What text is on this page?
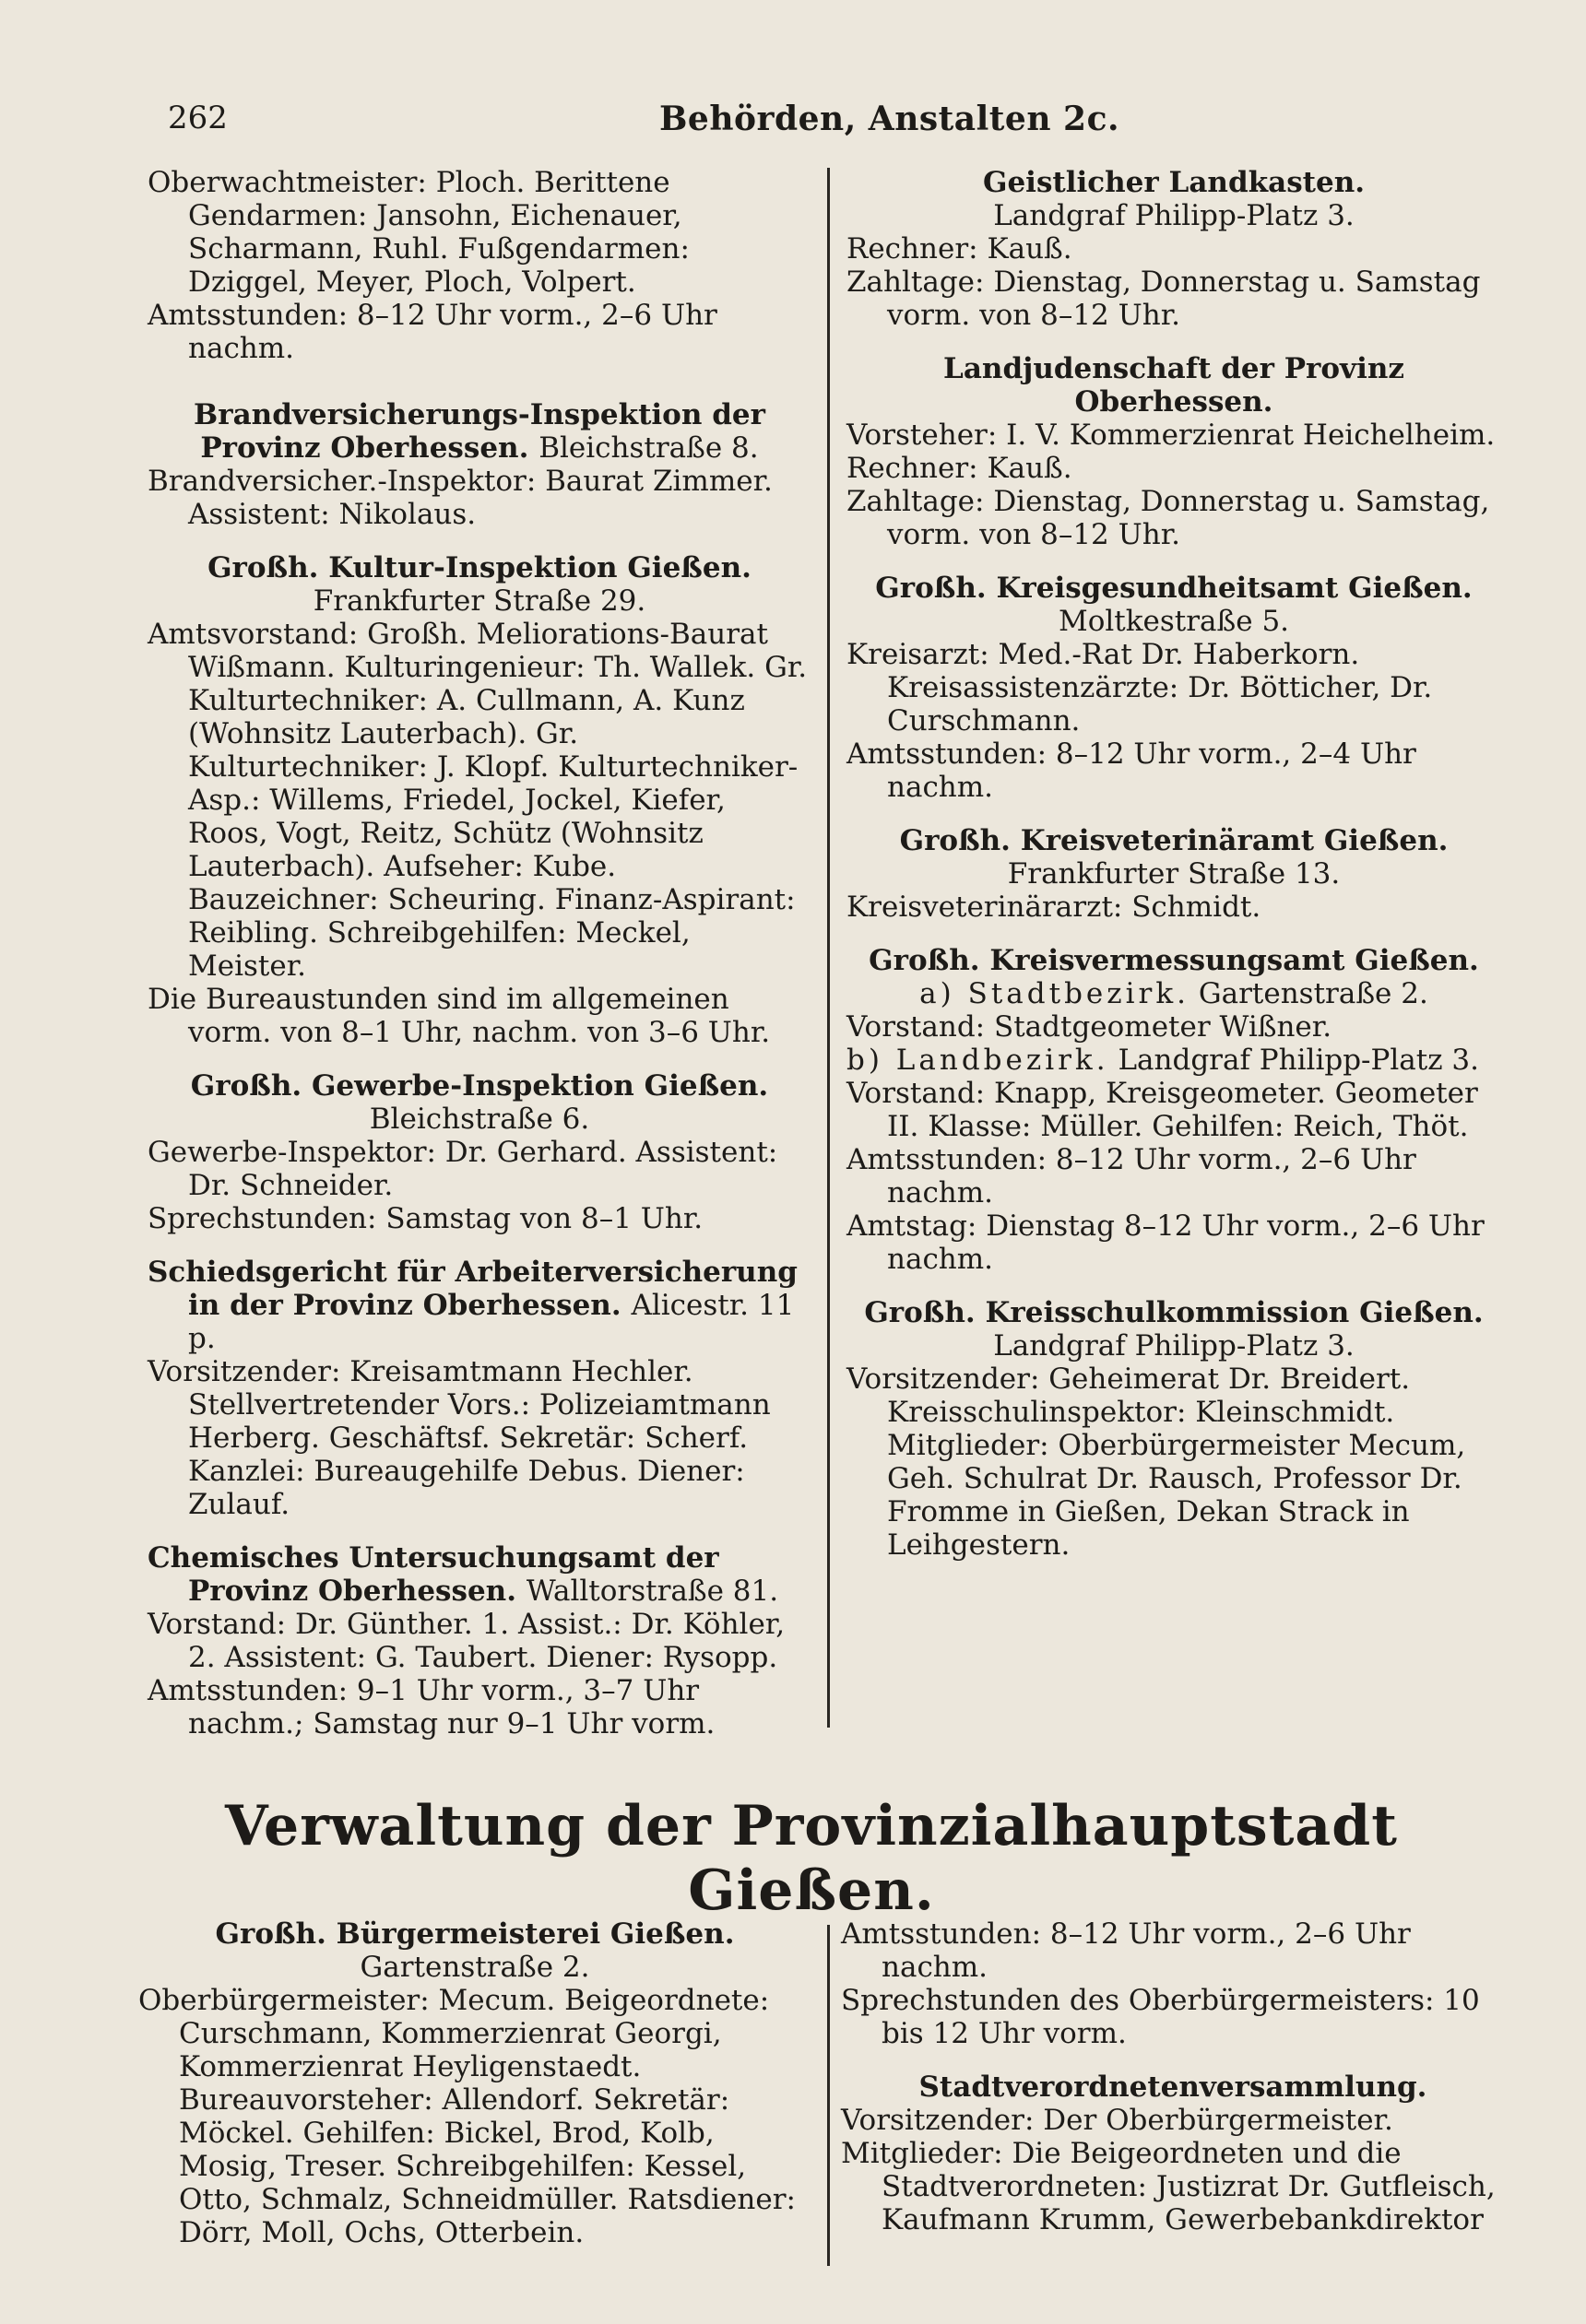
262	Behörden, Anstalten 2c.

Oberwachtmeister: Ploch. Berittene Gendarmen: Jansohn, Eichenauer, Scharmann, Ruhl. Fußgendarmen: Dziggel, Meyer, Ploch, Volpert.

Amtsstunden: 8–12 Uhr vorm., 2–6 Uhr nachm.

Brandversicherungs-Inspektion der Provinz Oberhessen. Bleichstraße 8.

Brandversicher.-Inspektor: Baurat Zimmer. Assistent: Nikolaus.

Großh. Kultur-Inspektion Gießen.

Frankfurter Straße 29.

Amtsvorstand: Großh. Meliorations-Baurat Wißmann. Kulturingenieur: Th. Wallek. Gr. Kulturtechniker: A. Cullmann, A. Kunz (Wohnsitz Lauterbach). Gr. Kulturtechniker: J. Klopf. Kulturtechniker-Asp.: Willems, Friedel, Jockel, Kiefer, Roos, Vogt, Reitz, Schütz (Wohnsitz Lauterbach). Aufseher: Kube. Bauzeichner: Scheuring. Finanz-Aspirant: Reibling. Schreibgehilfen: Meckel, Meister.

Die Bureaustunden sind im allgemeinen vorm. von 8–1 Uhr, nachm. von 3–6 Uhr.

Großh. Gewerbe-Inspektion Gießen.

Bleichstraße 6.

Gewerbe-Inspektor: Dr. Gerhard. Assistent: Dr. Schneider.

Sprechstunden: Samstag von 8–1 Uhr.

Schiedsgericht für Arbeiterversicherung in der Provinz Oberhessen. Alicestr. 11 p.

Vorsitzender: Kreisamtmann Hechler. Stellvertretender Vors.: Polizeiamtmann Herberg. Geschäftsf. Sekretär: Scherf. Kanzlei: Bureaugehilfe Debus. Diener: Zulauf.

Chemisches Untersuchungsamt der Provinz Oberhessen. Walltorstraße 81.

Vorstand: Dr. Günther. 1. Assist.: Dr. Köhler, 2. Assistent: G. Taubert. Diener: Rysopp.

Amtsstunden: 9–1 Uhr vorm., 3–7 Uhr nachm.; Samstag nur 9–1 Uhr vorm.

Geistlicher Landkasten.

Landgraf Philipp-Platz 3.

Rechner: Kauß.

Zahltage: Dienstag, Donnerstag u. Samstag vorm. von 8–12 Uhr.

Landjudenschaft der Provinz Oberhessen.

Vorsteher: I. V. Kommerzienrat Heichelheim.

Rechner: Kauß.

Zahltage: Dienstag, Donnerstag u. Samstag, vorm. von 8–12 Uhr.

Großh. Kreisgesundheitsamt Gießen.

Moltkestraße 5.

Kreisarzt: Med.-Rat Dr. Haberkorn. Kreisassistenzärzte: Dr. Bötticher, Dr. Curschmann.

Amtsstunden: 8–12 Uhr vorm., 2–4 Uhr nachm.

Großh. Kreisveterinäramt Gießen.

Frankfurter Straße 13.

Kreisveterinärarzt: Schmidt.

Großh. Kreisvermessungsamt Gießen.

a) Stadtbezirk. Gartenstraße 2.

Vorstand: Stadtgeometer Wißner.

b) Landbezirk. Landgraf Philipp-Platz 3.

Vorstand: Knapp, Kreisgeometer. Geometer II. Klasse: Müller. Gehilfen: Reich, Thöt.

Amtsstunden: 8–12 Uhr vorm., 2–6 Uhr nachm.

Amtstag: Dienstag 8–12 Uhr vorm., 2–6 Uhr nachm.

Großh. Kreisschulkommission Gießen.

Landgraf Philipp-Platz 3.

Vorsitzender: Geheimerat Dr. Breidert. Kreisschulinspektor: Kleinschmidt. Mitglieder: Oberbürgermeister Mecum, Geh. Schulrat Dr. Rausch, Professor Dr. Fromme in Gießen, Dekan Strack in Leihgestern.

Verwaltung der Provinzialhauptstadt Gießen.

Großh. Bürgermeisterei Gießen.

Gartenstraße 2.

Oberbürgermeister: Mecum. Beigeordnete: Curschmann, Kommerzienrat Georgi, Kommerzienrat Heyligenstaedt. Bureauvorsteher: Allendorf. Sekretär: Möckel. Gehilfen: Bickel, Brod, Kolb, Mosig, Treser. Schreibgehilfen: Kessel, Otto, Schmalz, Schneidmüller. Ratsdiener: Dörr, Moll, Ochs, Otterbein.

Amtsstunden: 8–12 Uhr vorm., 2–6 Uhr nachm.

Sprechstunden des Oberbürgermeisters: 10 bis 12 Uhr vorm.

Stadtverordnetenversammlung.

Vorsitzender: Der Oberbürgermeister.

Mitglieder: Die Beigeordneten und die Stadtverordneten: Justizrat Dr. Gutfleisch, Kaufmann Krumm, Gewerbebankdirektor
